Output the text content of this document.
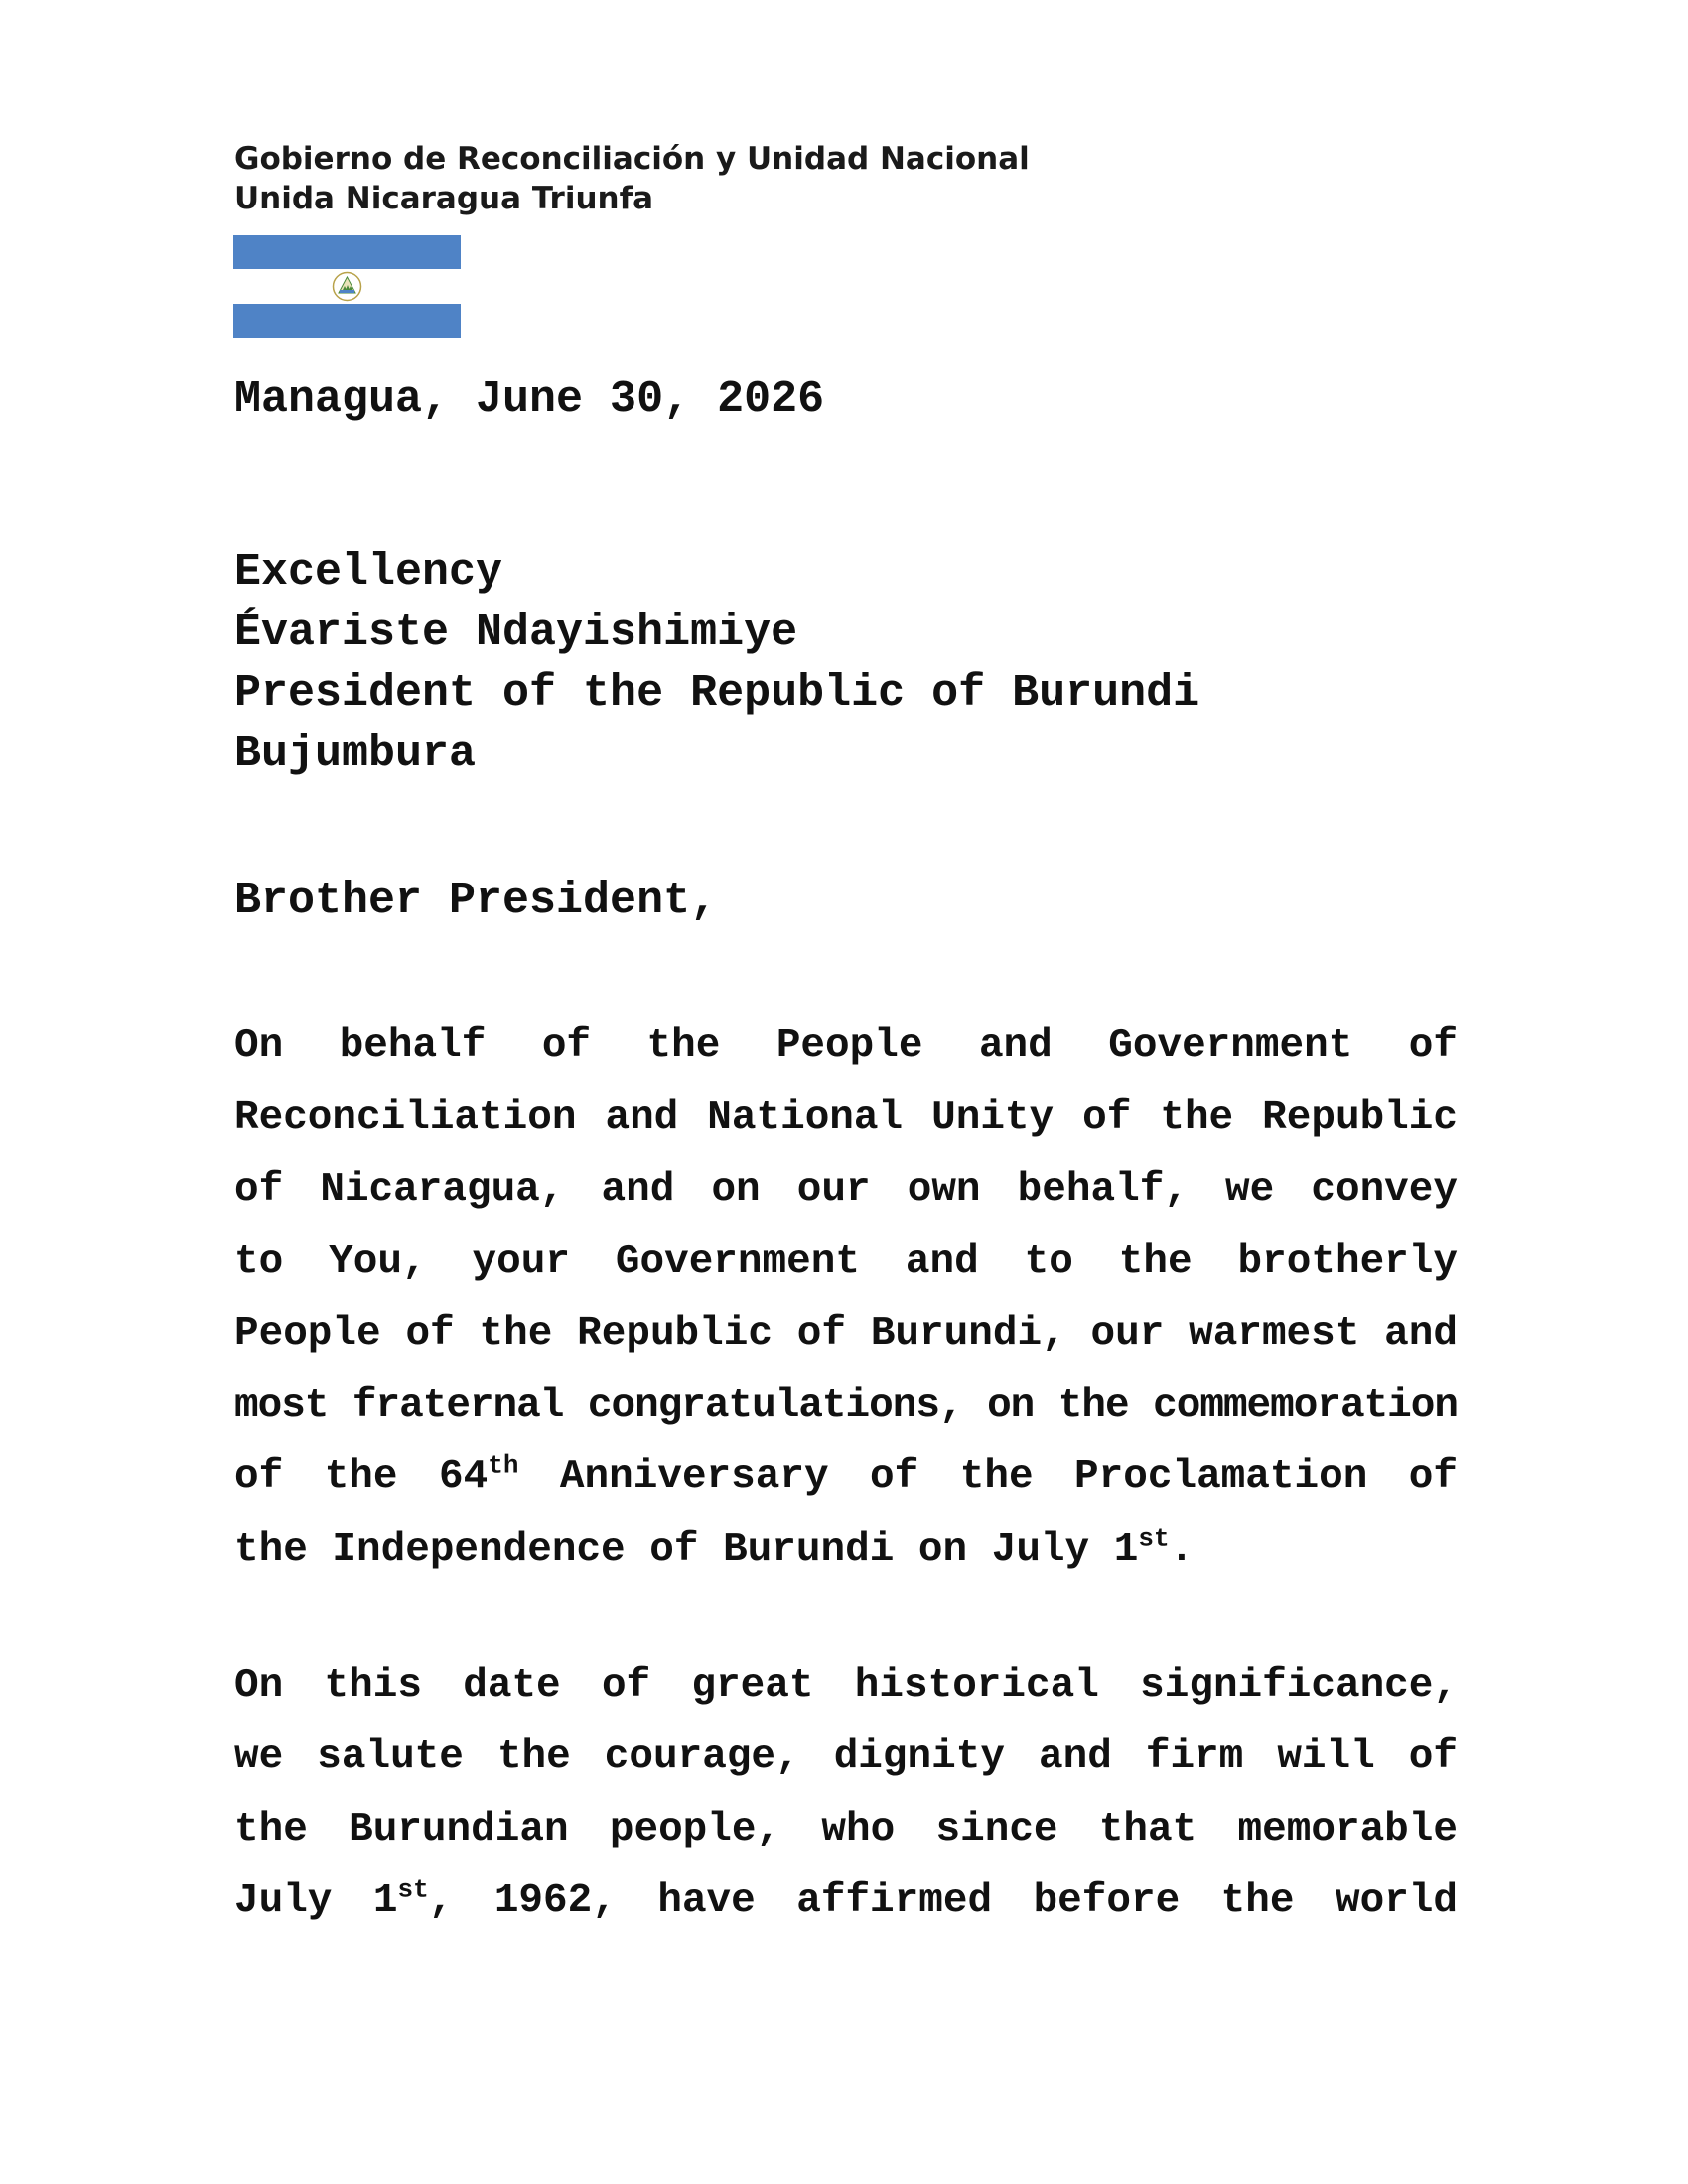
Gobierno de Reconciliación y Unidad Nacional
Unida Nicaragua Triunfa
Managua, June 30, 2026
Excellency
Évariste Ndayishimiye
President of the Republic of Burundi
Bujumbura
Brother President,
On behalf of the People and Government of
Reconciliation and National Unity of the Republic
of Nicaragua, and on our own behalf, we convey
to You, your Government and to the brotherly
People of the Republic of Burundi, our warmest and
most fraternal congratulations, on the commemoration
of the 64th Anniversary of the Proclamation of
the Independence of Burundi on July 1st.
On this date of great historical significance,
we salute the courage, dignity and firm will of
the Burundian people, who since that memorable
July 1st, 1962, have affirmed before the world
